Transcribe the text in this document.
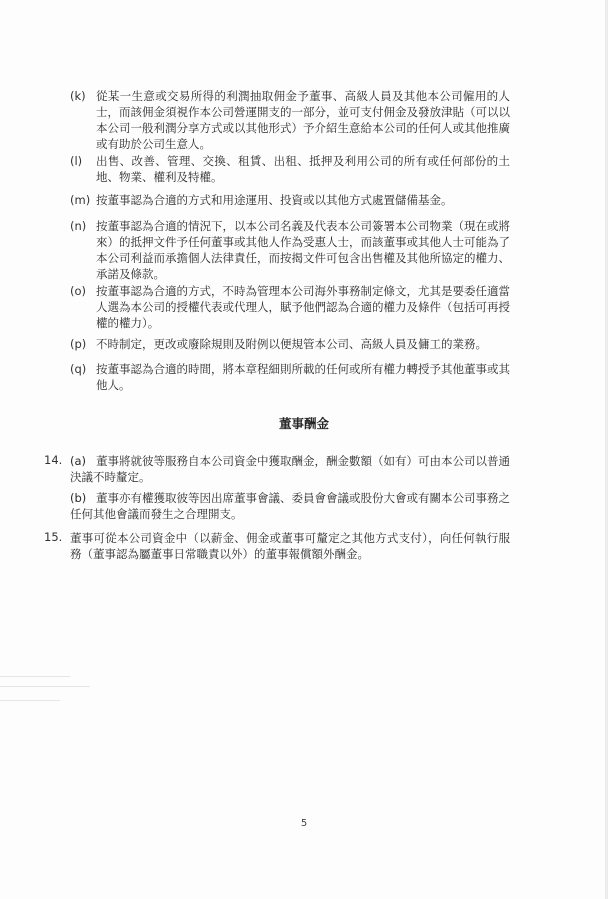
(k) 從某一生意或交易所得的利潤抽取佣金予董事、高級人員及其他本公司僱用的人士，而該佣金須視作本公司營運開支的一部分，並可支付佣金及發放津貼（可以以本公司一般利潤分享方式或以其他形式）予介紹生意給本公司的任何人或其他推廣或有助於公司生意人。
(l)	出售、改善、管理、交換、租賃、出租、抵押及利用公司的所有或任何部份的土地、物業、權利及特權。
(m) 按董事認為合適的方式和用途運用、投資或以其他方式處置儲備基金。
(n) 按董事認為合適的情況下，以本公司名義及代表本公司簽署本公司物業（現在或將來）的抵押文件予任何董事或其他人作為受惠人士，而該董事或其他人士可能為了本公司利益而承擔個人法律責任，而按揭文件可包含出售權及其他所協定的權力、承諾及條款。
(o) 按董事認為合適的方式，不時為管理本公司海外事務制定條文，尤其是要委任適當人選為本公司的授權代表或代理人，賦予他們認為合適的權力及條件（包括可再授權的權力）。
(p) 不時制定，更改或廢除規則及附例以便規管本公司、高級人員及傭工的業務。
(q) 按董事認為合適的時間，將本章程細則所載的任何或所有權力轉授予其他董事或其他人。
董事酬金
14. (a) 董事將就彼等服務自本公司資金中獲取酬金，酬金數額（如有）可由本公司以普通決議不時釐定。
(b) 董事亦有權獲取彼等因出席董事會議、委員會會議或股份大會或有關本公司事務之任何其他會議而發生之合理開支。
15. 董事可從本公司資金中（以薪金、佣金或董事可釐定之其他方式支付），向任何執行服務（董事認為屬董事日常職責以外）的董事報償額外酬金。
5
